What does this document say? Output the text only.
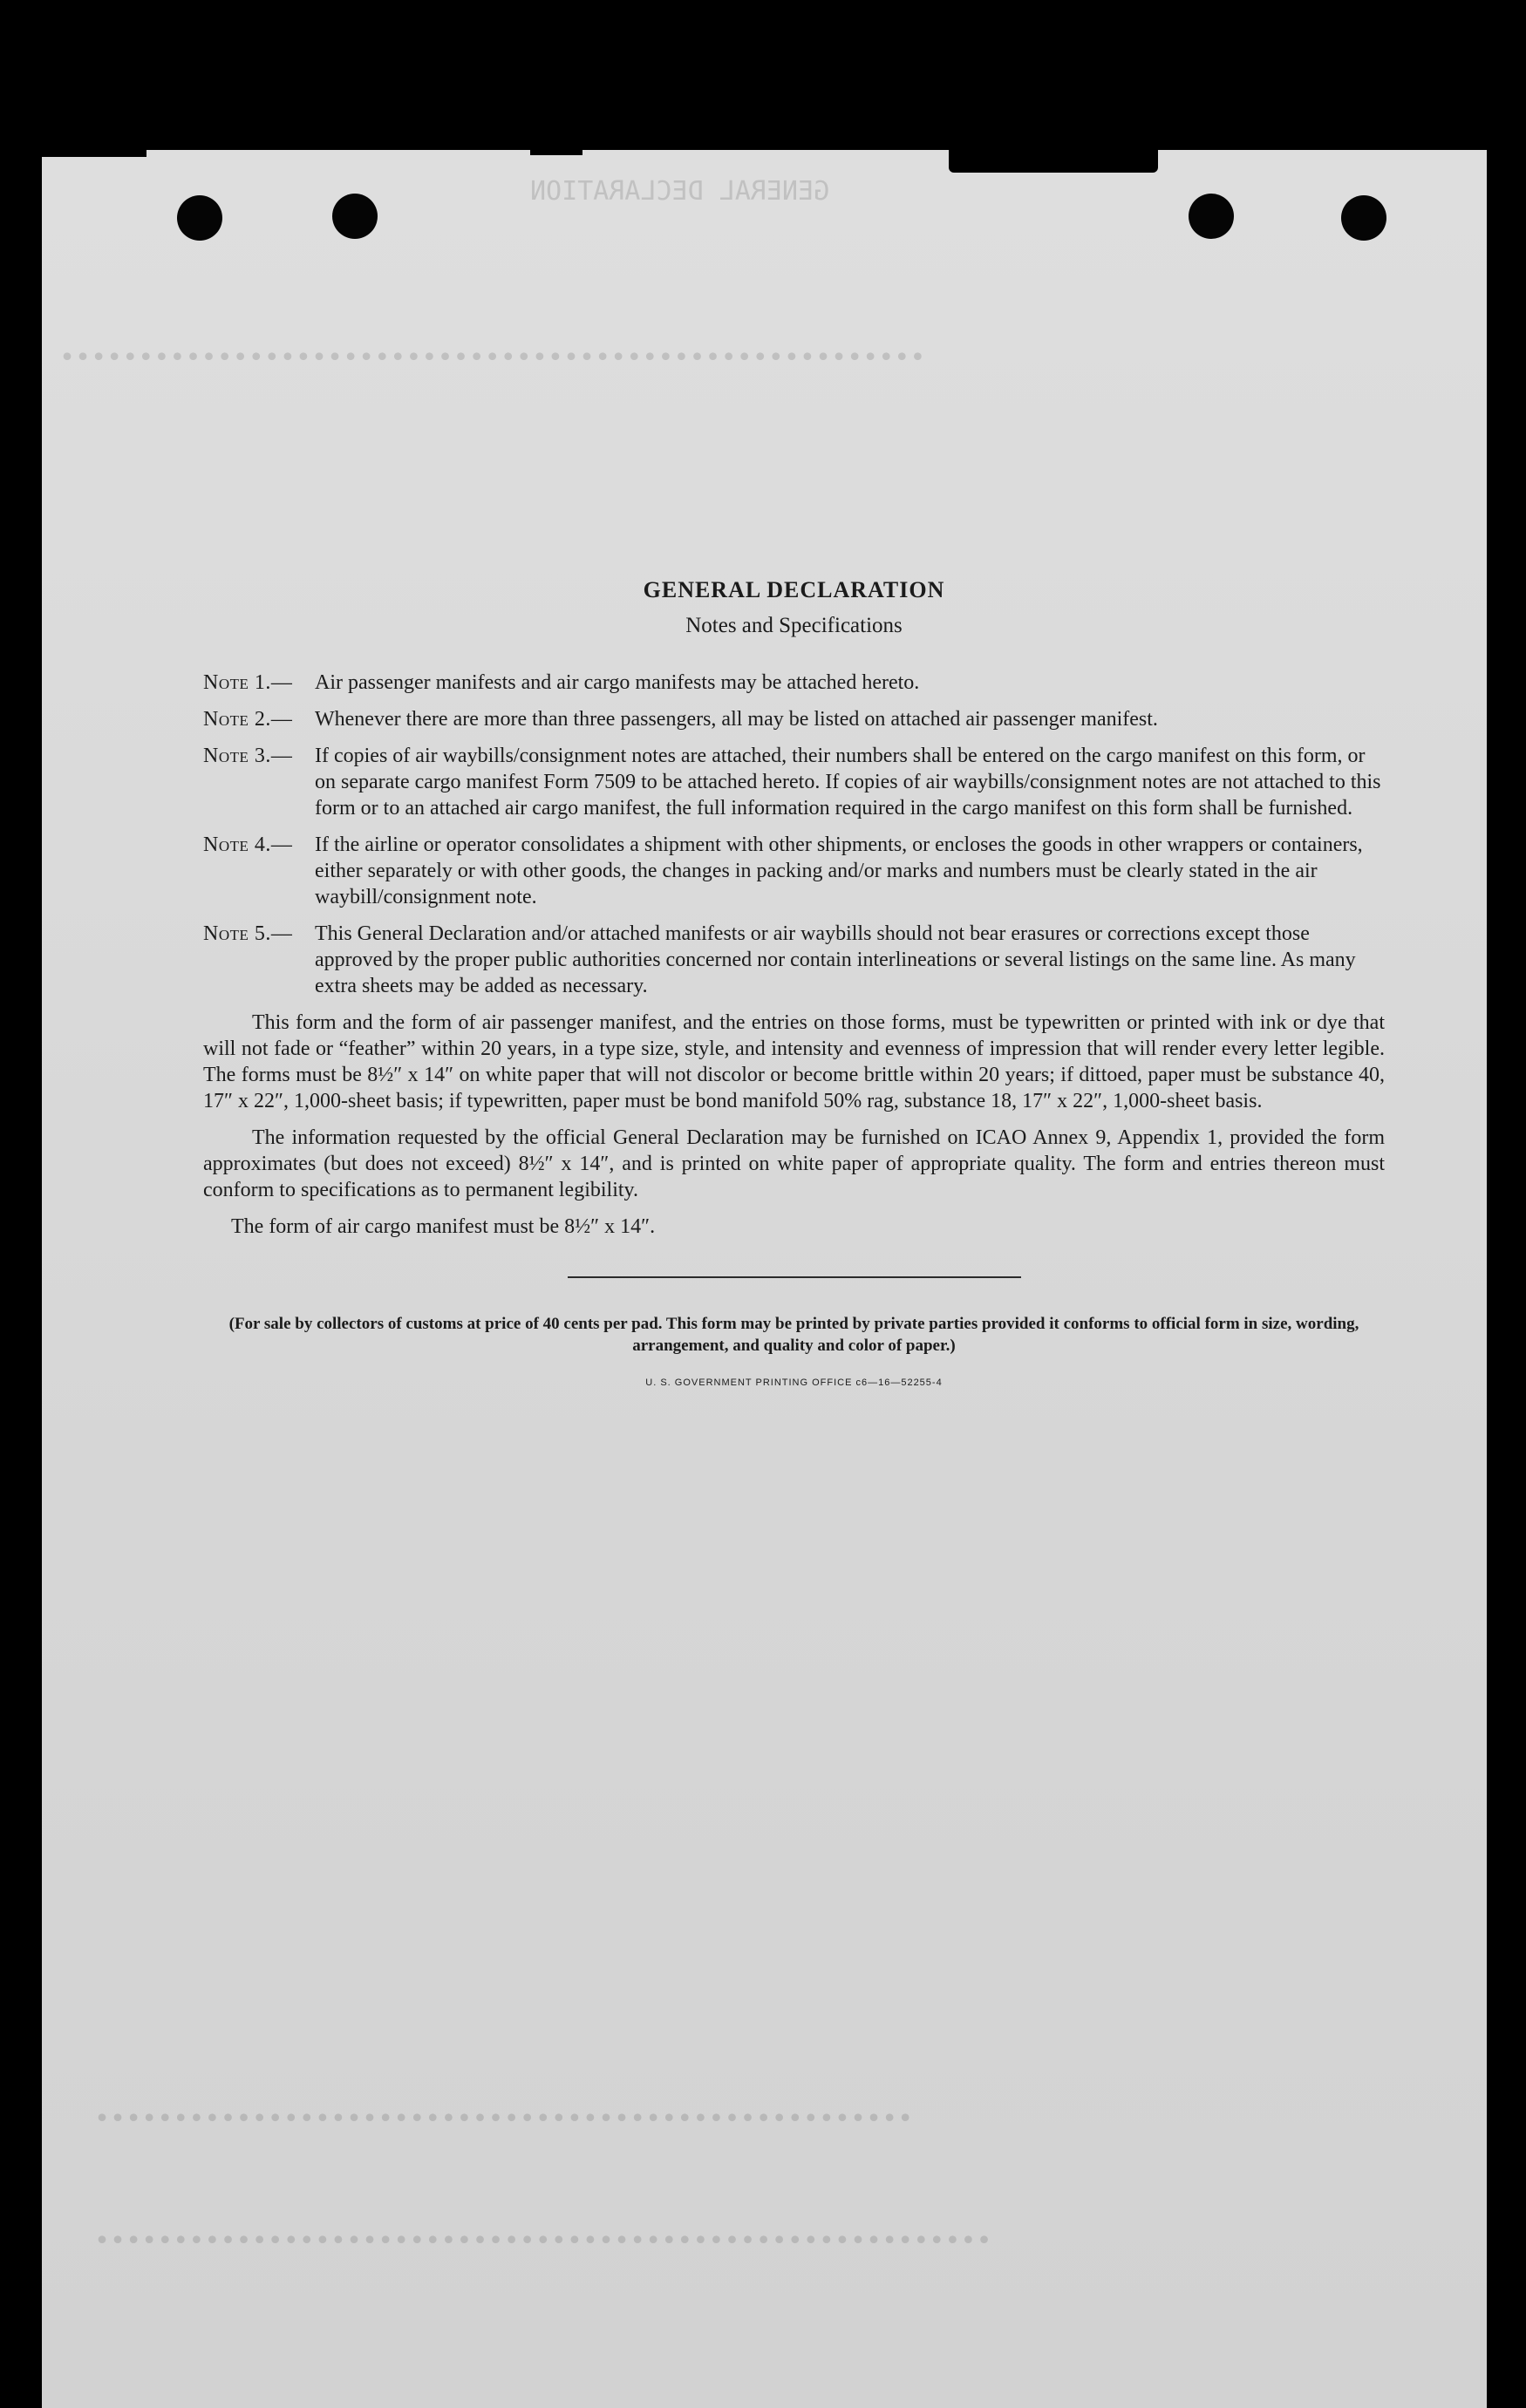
GENERAL DECLARATION
∙∙∙∙∙∙∙∙∙∙∙∙∙∙∙∙∙∙∙∙∙∙∙∙∙∙∙∙∙∙∙∙∙∙∙∙∙∙∙∙∙∙∙∙∙∙∙∙∙∙∙∙∙∙∙
∙∙∙∙∙∙∙∙∙∙∙∙∙∙∙∙∙∙∙∙∙∙∙∙∙∙∙∙∙∙∙∙∙∙∙∙∙∙∙∙∙∙∙∙∙∙∙∙∙∙∙∙
∙∙∙∙∙∙∙∙∙∙∙∙∙∙∙∙∙∙∙∙∙∙∙∙∙∙∙∙∙∙∙∙∙∙∙∙∙∙∙∙∙∙∙∙∙∙∙∙∙∙∙∙∙∙∙∙∙
GENERAL DECLARATION
Notes and Specifications
Note 1.— Air passenger manifests and air cargo manifests may be attached hereto.
Note 2.— Whenever there are more than three passengers, all may be listed on attached air passenger manifest.
Note 3.— If copies of air waybills/consignment notes are attached, their numbers shall be entered on the cargo manifest on this form, or on separate cargo manifest Form 7509 to be attached hereto. If copies of air waybills/consignment notes are not attached to this form or to an attached air cargo manifest, the full information required in the cargo manifest on this form shall be furnished.
Note 4.— If the airline or operator consolidates a shipment with other shipments, or encloses the goods in other wrappers or containers, either separately or with other goods, the changes in packing and/or marks and numbers must be clearly stated in the air waybill/consignment note.
Note 5.— This General Declaration and/or attached manifests or air waybills should not bear erasures or corrections except those approved by the proper public authorities concerned nor contain interlineations or several listings on the same line. As many extra sheets may be added as necessary.

This form and the form of air passenger manifest, and the entries on those forms, must be typewritten or printed with ink or dye that will not fade or “feather” within 20 years, in a type size, style, and intensity and evenness of impression that will render every letter legible. The forms must be 8½″ x 14″ on white paper that will not discolor or become brittle within 20 years; if dittoed, paper must be substance 40, 17″ x 22″, 1,000-sheet basis; if typewritten, paper must be bond manifold 50% rag, substance 18, 17″ x 22″, 1,000-sheet basis.

The information requested by the official General Declaration may be furnished on ICAO Annex 9, Appendix 1, provided the form approximates (but does not exceed) 8½″ x 14″, and is printed on white paper of appropriate quality. The form and entries thereon must conform to specifications as to permanent legibility.

The form of air cargo manifest must be 8½″ x 14″.

(For sale by collectors of customs at price of 40 cents per pad. This form may be printed by private parties provided it conforms to official form in size, wording, arrangement, and quality and color of paper.)
U. S. GOVERNMENT PRINTING OFFICE c6—16—52255-4
